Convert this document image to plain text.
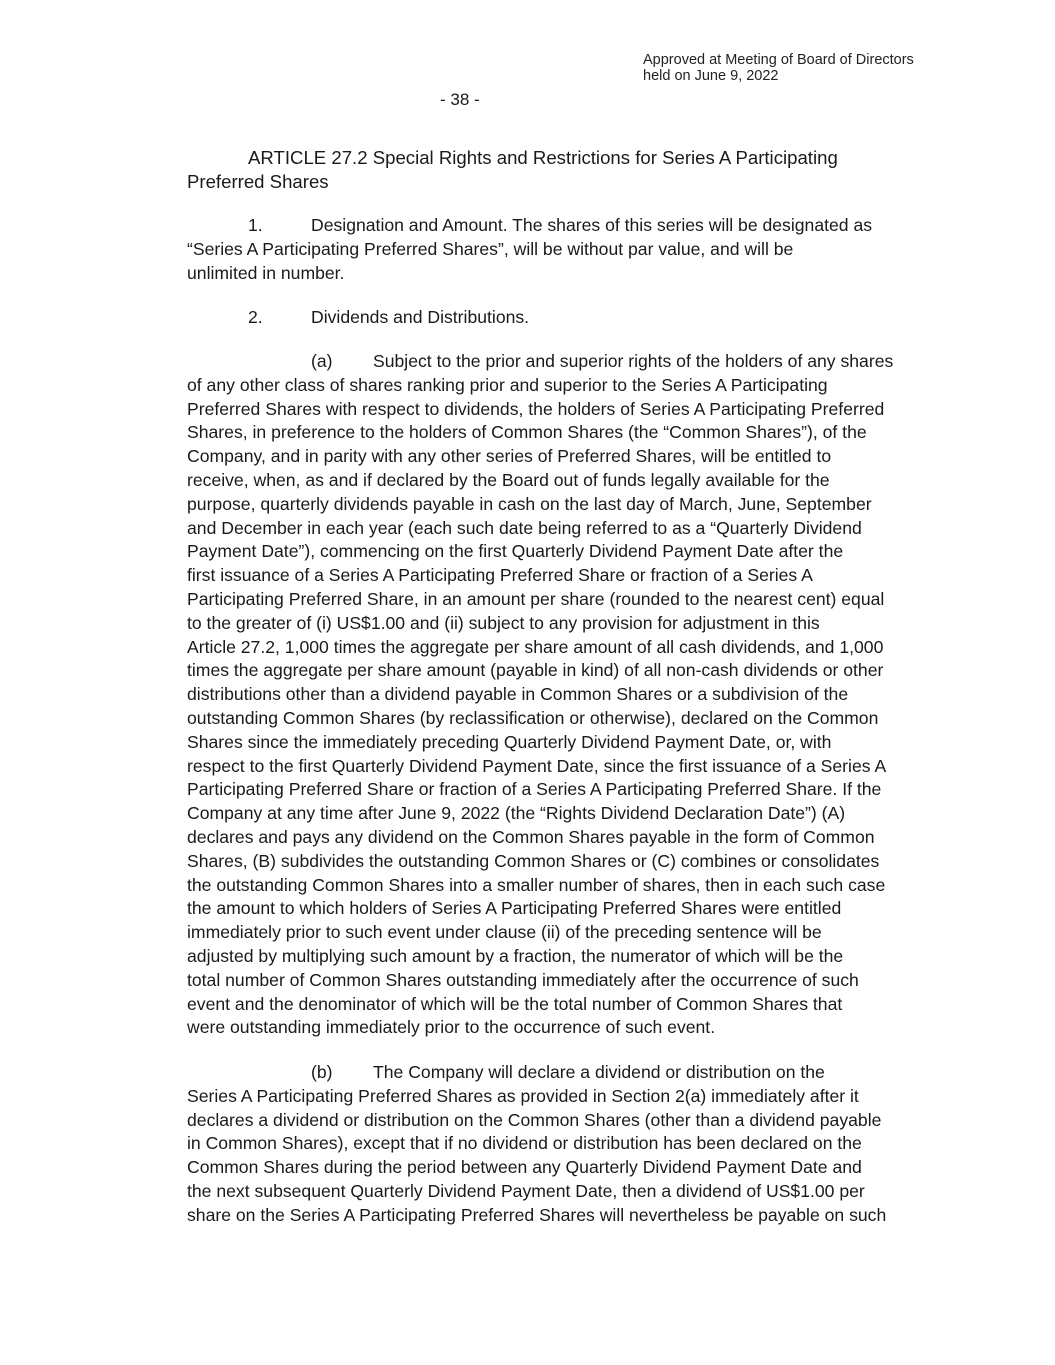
Approved at Meeting of Board of Directors
held on June 9, 2022
- 38 -
ARTICLE 27.2 Special Rights and Restrictions for Series A Participating
Preferred Shares
1.	Designation and Amount. The shares of this series will be designated as
“Series A Participating Preferred Shares”, will be without par value, and will be
unlimited in number.
2.	Dividends and Distributions.
(a) Subject to the prior and superior rights of the holders of any shares
of any other class of shares ranking prior and superior to the Series A Participating
Preferred Shares with respect to dividends, the holders of Series A Participating Preferred
Shares, in preference to the holders of Common Shares (the “Common Shares”), of the
Company, and in parity with any other series of Preferred Shares, will be entitled to
receive, when, as and if declared by the Board out of funds legally available for the
purpose, quarterly dividends payable in cash on the last day of March, June, September
and December in each year (each such date being referred to as a “Quarterly Dividend
Payment Date”), commencing on the first Quarterly Dividend Payment Date after the
first issuance of a Series A Participating Preferred Share or fraction of a Series A
Participating Preferred Share, in an amount per share (rounded to the nearest cent) equal
to the greater of (i) US$1.00 and (ii) subject to any provision for adjustment in this
Article 27.2, 1,000 times the aggregate per share amount of all cash dividends, and 1,000
times the aggregate per share amount (payable in kind) of all non-cash dividends or other
distributions other than a dividend payable in Common Shares or a subdivision of the
outstanding Common Shares (by reclassification or otherwise), declared on the Common
Shares since the immediately preceding Quarterly Dividend Payment Date, or, with
respect to the first Quarterly Dividend Payment Date, since the first issuance of a Series A
Participating Preferred Share or fraction of a Series A Participating Preferred Share. If the
Company at any time after June 9, 2022 (the “Rights Dividend Declaration Date”) (A)
declares and pays any dividend on the Common Shares payable in the form of Common
Shares, (B) subdivides the outstanding Common Shares or (C) combines or consolidates
the outstanding Common Shares into a smaller number of shares, then in each such case
the amount to which holders of Series A Participating Preferred Shares were entitled
immediately prior to such event under clause (ii) of the preceding sentence will be
adjusted by multiplying such amount by a fraction, the numerator of which will be the
total number of Common Shares outstanding immediately after the occurrence of such
event and the denominator of which will be the total number of Common Shares that
were outstanding immediately prior to the occurrence of such event.
(b) The Company will declare a dividend or distribution on the
Series A Participating Preferred Shares as provided in Section 2(a) immediately after it
declares a dividend or distribution on the Common Shares (other than a dividend payable
in Common Shares), except that if no dividend or distribution has been declared on the
Common Shares during the period between any Quarterly Dividend Payment Date and
the next subsequent Quarterly Dividend Payment Date, then a dividend of US$1.00 per
share on the Series A Participating Preferred Shares will nevertheless be payable on such
